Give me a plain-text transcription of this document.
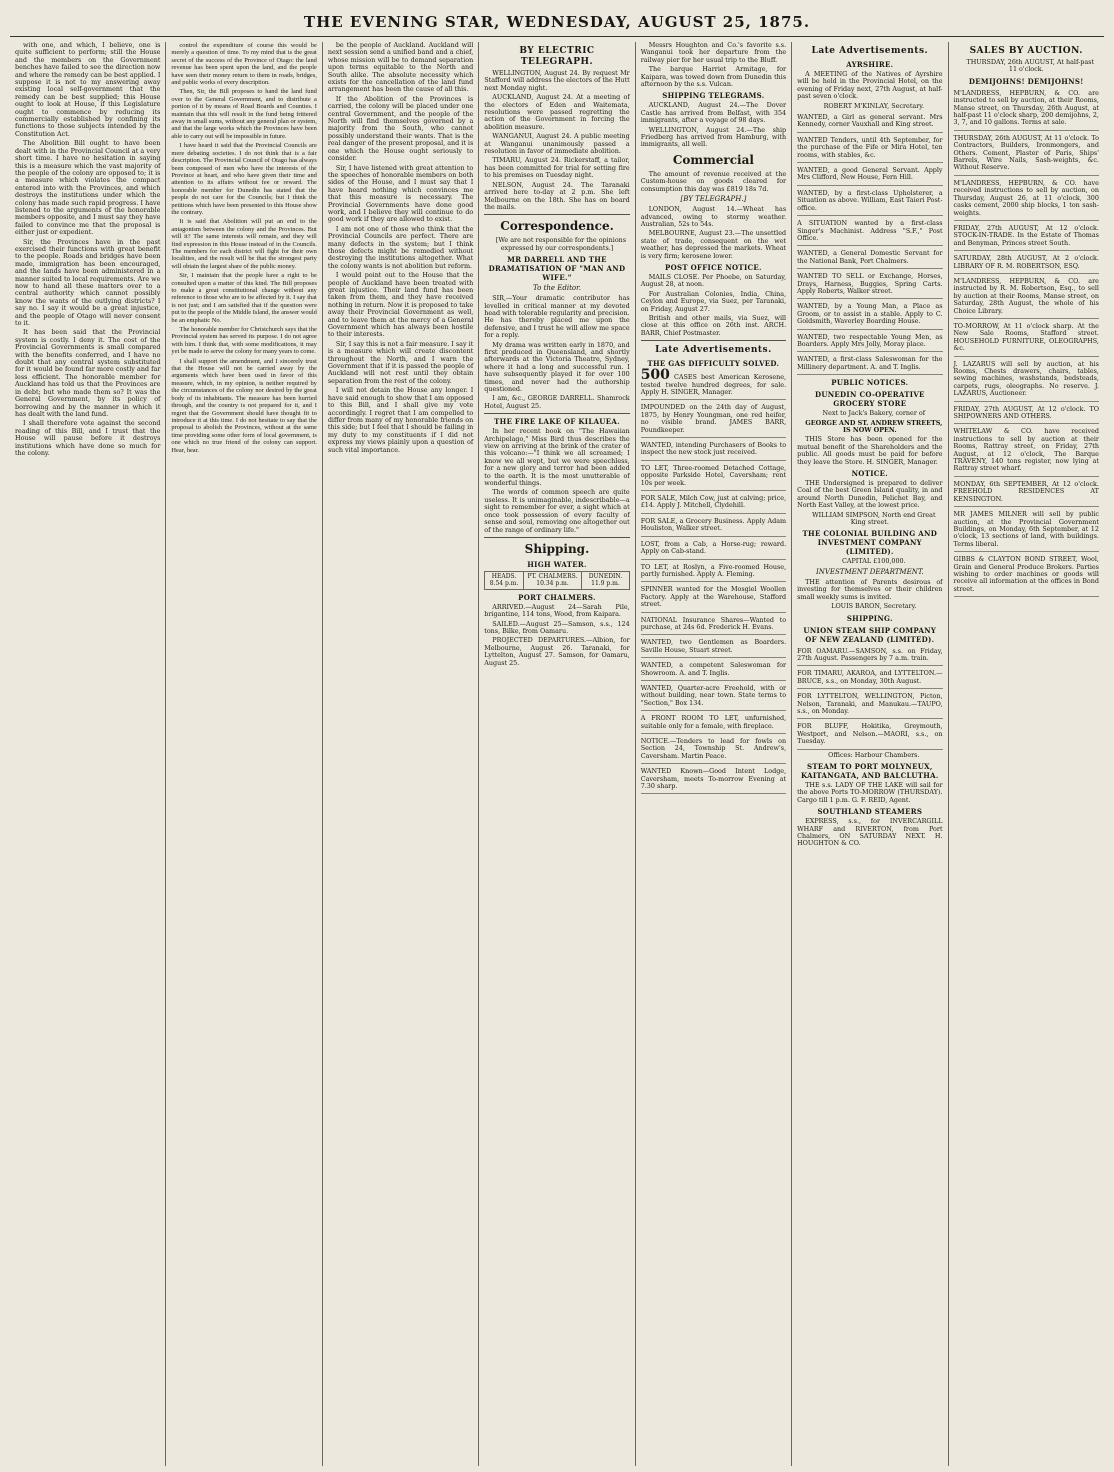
THE EVENING STAR, WEDNESDAY, AUGUST 25, 1875.

with one, and which, I believe, one is quite sufficient to perform; still the House and the members on the Government benches have failed to see the direction now and where the remedy can be best applied. I suppose it is not to my answering away existing local self-government that the remedy can be best supplied; this House ought to look at House, if this Legislature ought to commence by reducing its commercially established by confining its functions to those subjects intended by the Constitution Act.

The Abolition Bill ought to have been dealt with in the Provincial Council at a very short time. I have no hesitation in saying this is a measure which the vast majority of the people of the colony are opposed to; it is a measure which violates the compact entered into with the Provinces, and which destroys the institutions under which the colony has made such rapid progress. I have listened to the arguments of the honorable members opposite, and I must say they have failed to convince me that the proposal is either just or expedient.

Sir, the Provinces have in the past exercised their functions with great benefit to the people. Roads and bridges have been made, immigration has been encouraged, and the lands have been administered in a manner suited to local requirements. Are we now to hand all these matters over to a central authority which cannot possibly know the wants of the outlying districts? I say no. I say it would be a great injustice, and the people of Otago will never consent to it.

It has been said that the Provincial system is costly. I deny it. The cost of the Provincial Governments is small compared with the benefits conferred, and I have no doubt that any central system substituted for it would be found far more costly and far less efficient. The honorable member for Auckland has told us that the Provinces are in debt; but who made them so? It was the General Government, by its policy of borrowing and by the manner in which it has dealt with the land fund.

I shall therefore vote against the second reading of this Bill, and I trust that the House will pause before it destroys institutions which have done so much for the colony.

control the expenditure of course this would be merely a question of time. To my mind that is the great secret of the success of the Province of Otago: the land revenue has been spent upon the land, and the people have seen their money return to them in roads, bridges, and public works of every description.

Then, Sir, the Bill proposes to hand the land fund over to the General Government, and to distribute a portion of it by means of Road Boards and Counties. I maintain that this will result in the fund being frittered away in small sums, without any general plan or system, and that the large works which the Provinces have been able to carry out will be impossible in future.

I have heard it said that the Provincial Councils are mere debating societies. I do not think that is a fair description. The Provincial Council of Otago has always been composed of men who have the interests of the Province at heart, and who have given their time and attention to its affairs without fee or reward. The honorable member for Dunedin has stated that the people do not care for the Councils; but I think the petitions which have been presented to this House show the contrary.

It is said that Abolition will put an end to the antagonism between the colony and the Provinces. But will it? The same interests will remain, and they will find expression in this House instead of in the Councils. The members for each district will fight for their own localities, and the result will be that the strongest party will obtain the largest share of the public money.

Sir, I maintain that the people have a right to be consulted upon a matter of this kind. The Bill proposes to make a great constitutional change without any reference to those who are to be affected by it. I say that is not just; and I am satisfied that if the question were put to the people of the Middle Island, the answer would be an emphatic No.

The honorable member for Christchurch says that the Provincial system has served its purpose. I do not agree with him. I think that, with some modifications, it may yet be made to serve the colony for many years to come.

I shall support the amendment, and I sincerely trust that the House will not be carried away by the arguments which have been used in favor of this measure, which, in my opinion, is neither required by the circumstances of the colony nor desired by the great body of its inhabitants. The measure has been hurried through, and the country is not prepared for it, and I regret that the Government should have thought fit to introduce it at this time. I do not hesitate to say that the proposal to abolish the Provinces, without at the same time providing some other form of local government, is one which no true friend of the colony can support. Hear, hear.

be the people of Auckland. Auckland will next session send a unified band and a chief, whose mission will be to demand separation upon terms equitable to the North and South alike. The absolute necessity which exists for the cancellation of the land fund arrangement has been the cause of all this.

If the Abolition of the Provinces is carried, the colony will be placed under one central Government, and the people of the North will find themselves governed by a majority from the South, who cannot possibly understand their wants. That is the real danger of the present proposal, and it is one which the House ought seriously to consider.

Sir, I have listened with great attention to the speeches of honorable members on both sides of the House, and I must say that I have heard nothing which convinces me that this measure is necessary. The Provincial Governments have done good work, and I believe they will continue to do good work if they are allowed to exist.

I am not one of those who think that the Provincial Councils are perfect. There are many defects in the system; but I think those defects might be remedied without destroying the institutions altogether. What the colony wants is not abolition but reform.

I would point out to the House that the people of Auckland have been treated with great injustice. Their land fund has been taken from them, and they have received nothing in return. Now it is proposed to take away their Provincial Government as well, and to leave them at the mercy of a General Government which has always been hostile to their interests.

Sir, I say this is not a fair measure. I say it is a measure which will create discontent throughout the North, and I warn the Government that if it is passed the people of Auckland will not rest until they obtain separation from the rest of the colony.

I will not detain the House any longer. I have said enough to show that I am opposed to this Bill, and I shall give my vote accordingly. I regret that I am compelled to differ from many of my honorable friends on this side; but I feel that I should be failing in my duty to my constituents if I did not express my views plainly upon a question of such vital importance.

BY ELECTRIC TELEGRAPH.

WELLINGTON, August 24. By request Mr Stafford will address the electors of the Hutt next Monday night.

AUCKLAND, August 24. At a meeting of the electors of Eden and Waitemata, resolutions were passed regretting the action of the Government in forcing the abolition measure.

WANGANUI, August 24. A public meeting at Wanganui unanimously passed a resolution in favor of immediate abolition.

TIMARU, August 24. Rickerstaff, a tailor, has been committed for trial for setting fire to his premises on Tuesday night.

NELSON, August 24. The Taranaki arrived here to-day at 2 p.m. She left Melbourne on the 18th. She has on board the mails.

Correspondence.

[We are not responsible for the opinions expressed by our correspondents.]

MR DARRELL AND THE DRAMATISATION OF "MAN AND WIFE."
To the Editor.

SIR,—Your dramatic contributor has levelled in critical manner at my devoted head with tolerable regularity and precision. He has thereby placed me upon the defensive, and I trust he will allow me space for a reply.

My drama was written early in 1870, and first produced in Queensland, and shortly afterwards at the Victoria Theatre, Sydney, where it had a long and successful run. I have subsequently played it for over 100 times, and never had the authorship questioned.

I am, &c., GEORGE DARRELL. Shamrock Hotel, August 25.

THE FIRE LAKE OF KILAUEA.

In her recent book on "The Hawaiian Archipelago," Miss Bird thus describes the view on arriving at the brink of the crater of this volcano:—"I think we all screamed; I know we all wept, but we were speechless, for a new glory and terror had been added to the earth. It is the most unutterable of wonderful things.

The words of common speech are quite useless. It is unimaginable, indescribable—a sight to remember for ever, a sight which at once took possession of every faculty of sense and soul, removing one altogether out of the range of ordinary life."

Shipping.
HIGH WATER.
HEADS. 8.54 p.m.	PT. CHALMERS. 10.34 p.m.	DUNEDIN. 11.9 p.m.
PORT CHALMERS.

ARRIVED.—August 24—Sarah Pile, brigantine, 114 tons, Wood, from Kaipara.

SAILED.—August 25—Samson, s.s., 124 tons, Bilke, from Oamaru.

PROJECTED DEPARTURES.—Albion, for Melbourne, August 26. Taranaki, for Lyttelton, August 27. Samson, for Oamaru, August 25.

Messrs Houghton and Co.'s favorite s.s. Wanganui took her departure from the railway pier for her usual trip to the Bluff.

The barque Harriet Armitage, for Kaipara, was towed down from Dunedin this afternoon by the s.s. Vulcan.

SHIPPING TELEGRAMS.

AUCKLAND, August 24.—The Dover Castle has arrived from Belfast, with 354 immigrants, after a voyage of 98 days.

WELLINGTON, August 24.—The ship Friedberg has arrived from Hamburg, with immigrants, all well.

Commercial

The amount of revenue received at the Custom-house on goods cleared for consumption this day was £819 18s 7d.

[BY TELEGRAPH.]

LONDON, August 14.—Wheat has advanced, owing to stormy weather. Australian, 52s to 54s.

MELBOURNE, August 23.—The unsettled state of trade, consequent on the wet weather, has depressed the markets. Wheat is very firm; kerosene lower.

POST OFFICE NOTICE.

MAILS CLOSE. Per Phoebe, on Saturday, August 28, at noon.

For Australian Colonies, India, China, Ceylon and Europe, via Suez, per Taranaki, on Friday, August 27.

British and other mails, via Suez, will close at this office on 26th inst. ARCH. BARR, Chief Postmaster.

Late Advertisements.
THE GAS DIFFICULTY SOLVED.
500 CASES best American Kerosene, tested twelve hundred degrees, for sale. Apply H. SINGER, Manager.
IMPOUNDED on the 24th day of August, 1875, by Henry Youngman, one red heifer, no visible brand. JAMES BARR, Poundkeeper.
WANTED, intending Purchasers of Books to inspect the new stock just received.
TO LET, Three-roomed Detached Cottage, opposite Parkside Hotel, Caversham; rent 10s per week.
FOR SALE, Milch Cow, just at calving; price, £14. Apply J. Mitchell, Clydehill.
FOR SALE, a Grocery Business. Apply Adam Houliston, Walker street.
LOST, from a Cab, a Horse-rug; reward. Apply on Cab-stand.
TO LET, at Roslyn, a Five-roomed House, partly furnished. Apply A. Fleming.
SPINNER wanted for the Mosgiel Woollen Factory. Apply at the Warehouse, Stafford street.
NATIONAL Insurance Shares—Wanted to purchase, at 24s 6d. Frederick H. Evans.
WANTED, two Gentlemen as Boarders. Saville House, Stuart street.
WANTED, a competent Saleswoman for Showroom. A. and T. Inglis.
WANTED, Quarter-acre Freehold, with or without building, near town. State terms to "Section," Box 134.
A FRONT ROOM TO LET, unfurnished, suitable only for a female, with fireplace.
NOTICE.—Tenders to lead for fowls on Section 24, Township St. Andrew's, Caversham. Martin Peace.
WANTED Known—Good Intent Lodge, Caversham, meets To-morrow Evening at 7.30 sharp.
Late Advertisements.
AYRSHIRE.

A MEETING of the Natives of Ayrshire will be held in the Provincial Hotel, on the evening of Friday next, 27th August, at half-past seven o'clock.

ROBERT M'KINLAY, Secretary.

WANTED, a Girl as general servant. Mrs Kennedy, corner Vauxhall and King street.
WANTED Tenders, until 4th September, for the purchase of the Fife or Mira Hotel, ten rooms, with stables, &c.
WANTED, a good General Servant. Apply Mrs Clifford, New House, Fern Hill.
WANTED, by a first-class Upholsterer, a Situation as above. William, East Taieri Post-office.
A SITUATION wanted by a first-class Singer's Machinist. Address "S.F.," Post Office.
WANTED, a General Domestic Servant for the National Bank, Port Chalmers.
WANTED TO SELL or Exchange, Horses, Drays, Harness, Buggies, Spring Carts. Apply Roberts, Walker street.
WANTED, by a Young Man, a Place as Groom, or to assist in a stable. Apply to C. Goldsmith, Waverley Boarding House.
WANTED, two respectable Young Men, as Boarders. Apply Mrs Jolly, Moray place.
WANTED, a first-class Saleswoman for the Millinery department. A. and T. Inglis.
PUBLIC NOTICES.
DUNEDIN CO-OPERATIVE GROCERY STORE

Next to Jack's Bakery, corner of

GEORGE AND ST. ANDREW STREETS, IS NOW OPEN.

THIS Store has been opened for the mutual benefit of the Shareholders and the public. All goods must be paid for before they leave the Store. H. SINGER, Manager.

NOTICE.

THE Undersigned is prepared to deliver Coal of the best Green Island quality, in and around North Dunedin, Pelichet Bay, and North East Valley, at the lowest price.

WILLIAM SIMPSON, North end Great King street.

THE COLONIAL BUILDING AND INVESTMENT COMPANY (LIMITED).

CAPITAL £100,000.

INVESTMENT DEPARTMENT.

THE attention of Parents desirous of investing for themselves or their children small weekly sums is invited.

LOUIS BARON, Secretary.

SHIPPING.
UNION STEAM SHIP COMPANY OF NEW ZEALAND (LIMITED).
FOR OAMARU.—SAMSON, s.s. on Friday, 27th August. Passengers by 7 a.m. train.
FOR TIMARU, AKAROA, and LYTTELTON.—BRUCE, s.s., on Monday, 30th August.
FOR LYTTELTON, WELLINGTON, Picton, Nelson, Taranaki, and Manukau.—TAUPO, s.s., on Monday.
FOR BLUFF, Hokitika, Greymouth, Westport, and Nelson.—MAORI, s.s., on Tuesday.

Offices: Harbour Chambers.

STEAM TO PORT MOLYNEUX, KAITANGATA, AND BALCLUTHA.

THE s.s. LADY OF THE LAKE will sail for the above Ports TO-MORROW (THURSDAY). Cargo till 1 p.m. G. F. REID, Agent.

SOUTHLAND STEAMERS

EXPRESS, s.s., for INVERCARGILL WHARF and RIVERTON, from Port Chalmers, ON SATURDAY NEXT. H. HOUGHTON & CO.

SALES BY AUCTION.

THURSDAY, 26th AUGUST, At half-past 11 o'clock.

DEMIJOHNS! DEMIJOHNS!
M'LANDRESS, HEPBURN, & CO. are instructed to sell by auction, at their Rooms, Manse street, on Thursday, 26th August, at half-past 11 o'clock sharp, 200 demijohns, 2, 3, 7, and 10 gallons. Terms at sale.
THURSDAY, 26th AUGUST, At 11 o'clock. To Contractors, Builders, Ironmongers, and Others. Cement, Plaster of Paris, Ships' Barrels, Wire Nails, Sash-weights, &c. Without Reserve.
M'LANDRESS, HEPBURN, & CO. have received instructions to sell by auction, on Thursday, August 26, at 11 o'clock, 300 casks cement, 2000 ship blocks, 1 ton sash-weights.
FRIDAY, 27th AUGUST, At 12 o'clock. STOCK-IN-TRADE. In the Estate of Thomas and Benyman, Princes street South.
SATURDAY, 28th AUGUST, At 2 o'clock. LIBRARY OF R. M. ROBERTSON, ESQ.
M'LANDRESS, HEPBURN, & CO. are instructed by R. M. Robertson, Esq., to sell by auction at their Rooms, Manse street, on Saturday, 28th August, the whole of his Choice Library.
TO-MORROW, At 11 o'clock sharp. At the New Sale Rooms, Stafford street. HOUSEHOLD FURNITURE, OLEOGRAPHS, &c.
J. LAZARUS will sell by auction, at his Rooms, Chests drawers, chairs, tables, sewing machines, washstands, bedsteads, carpets, rugs, oleographs. No reserve. J. LAZARUS, Auctioneer.
FRIDAY, 27th AUGUST, At 12 o'clock. TO SHIPOWNERS AND OTHERS.
WHITELAW & CO. have received instructions to sell by auction at their Rooms, Rattray street, on Friday, 27th August, at 12 o'clock, The Barque TRAVENY, 140 tons register, now lying at Rattray street wharf.
MONDAY, 6th SEPTEMBER, At 12 o'clock. FREEHOLD RESIDENCES AT KENSINGTON.
MR JAMES MILNER will sell by public auction, at the Provincial Government Buildings, on Monday, 6th September, at 12 o'clock, 13 sections of land, with buildings. Terms liberal.
GIBBS & CLAYTON BOND STREET, Wool, Grain and General Produce Brokers. Parties wishing to order machines or goods will receive all information at the offices in Bond street.
